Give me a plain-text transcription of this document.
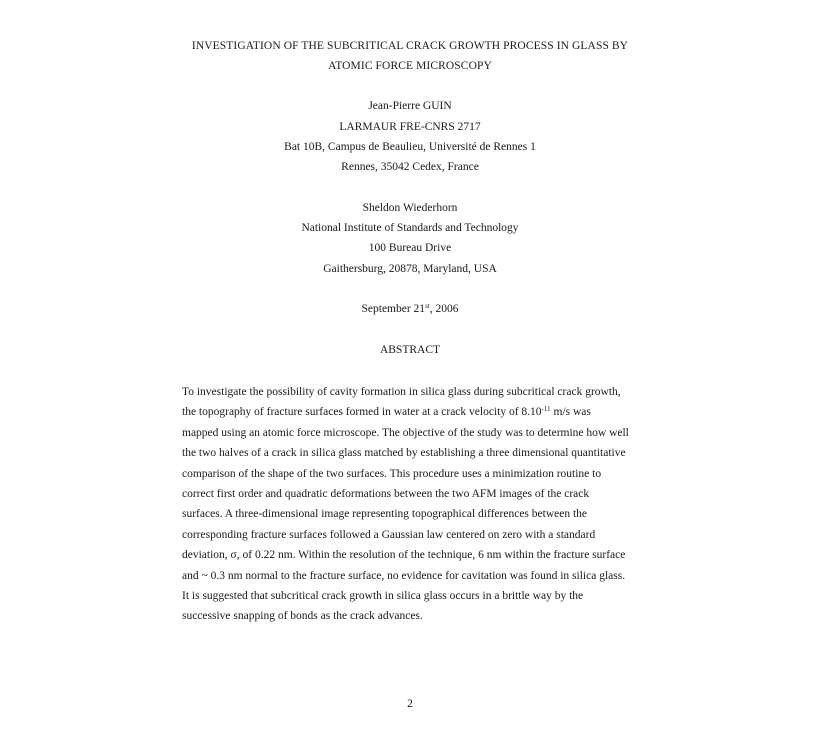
INVESTIGATION OF THE SUBCRITICAL CRACK GROWTH PROCESS IN GLASS BY
ATOMIC FORCE MICROSCOPY
Jean-Pierre GUIN
LARMAUR FRE-CNRS 2717
Bat 10B, Campus de Beaulieu, Université de Rennes 1
Rennes, 35042 Cedex, France
Sheldon Wiederhorn
National Institute of Standards and Technology
100 Bureau Drive
Gaithersburg, 20878, Maryland, USA
September 21st, 2006
ABSTRACT
To investigate the possibility of cavity formation in silica glass during subcritical crack growth,
the topography of fracture surfaces formed in water at a crack velocity of $8.10^{-11}$ m/s was
mapped using an atomic force microscope. The objective of the study was to determine how well
the two halves of a crack in silica glass matched by establishing a three dimensional quantitative
comparison of the shape of the two surfaces. This procedure uses a minimization routine to
correct first order and quadratic deformations between the two AFM images of the crack
surfaces. A three-dimensional image representing topographical differences between the
corresponding fracture surfaces followed a Gaussian law centered on zero with a standard
deviation, σ, of 0.22 nm. Within the resolution of the technique, 6 nm within the fracture surface
and ~ 0.3 nm normal to the fracture surface, no evidence for cavitation was found in silica glass.
It is suggested that subcritical crack growth in silica glass occurs in a brittle way by the
successive snapping of bonds as the crack advances.
2
